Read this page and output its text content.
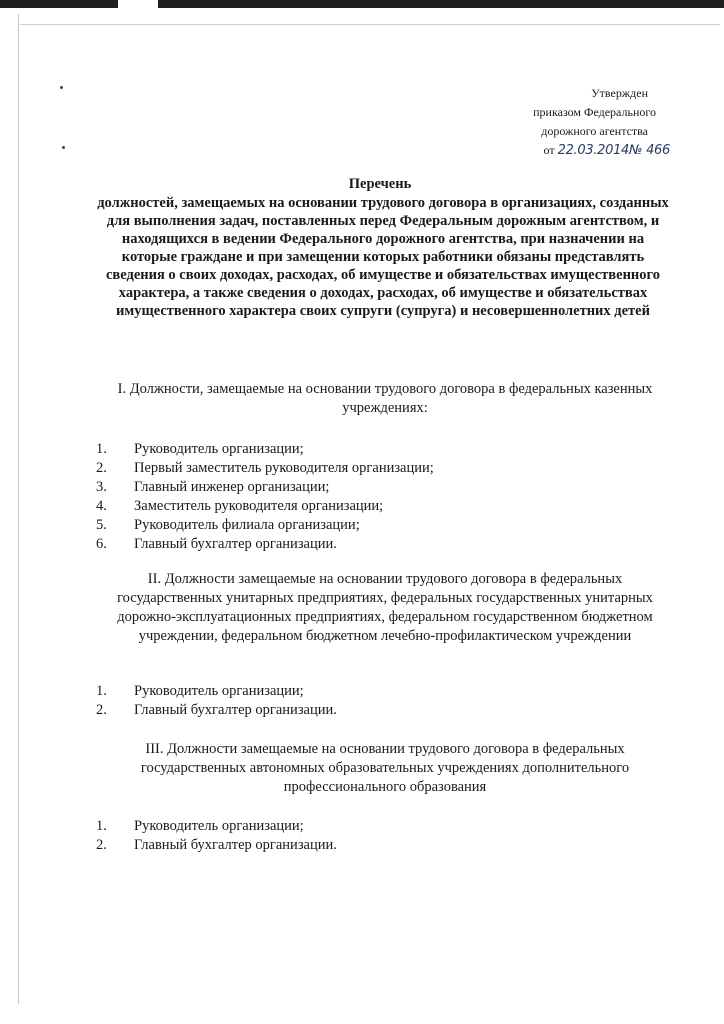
Утвержден
приказом Федерального
дорожного агентства
от 22.03.2014№ 466
Перечень
должностей, замещаемых на основании трудового договора в организациях, созданных для выполнения задач, поставленных перед Федеральным дорожным агентством, и находящихся в ведении Федерального дорожного агентства, при назначении на которые граждане и при замещении которых работники обязаны представлять сведения о своих доходах, расходах, об имуществе и обязательствах имущественного характера, а также сведения о доходах, расходах, об имуществе и обязательствах имущественного характера своих супруги (супруга) и несовершеннолетних детей
I. Должности, замещаемые на основании трудового договора в федеральных казенных учреждениях:
1.	Руководитель организации;
2.	Первый заместитель руководителя организации;
3.	Главный инженер организации;
4.	Заместитель руководителя организации;
5.	Руководитель филиала организации;
6.	Главный бухгалтер организации.
II. Должности замещаемые на основании трудового договора в федеральных государственных унитарных предприятиях, федеральных государственных унитарных дорожно-эксплуатационных предприятиях, федеральном государственном бюджетном учреждении, федеральном бюджетном лечебно-профилактическом учреждении
1.	Руководитель организации;
2.	Главный бухгалтер организации.
III. Должности замещаемые на основании трудового договора в федеральных государственных автономных образовательных учреждениях дополнительного профессионального образования
1.	Руководитель организации;
2.	Главный бухгалтер организации.
